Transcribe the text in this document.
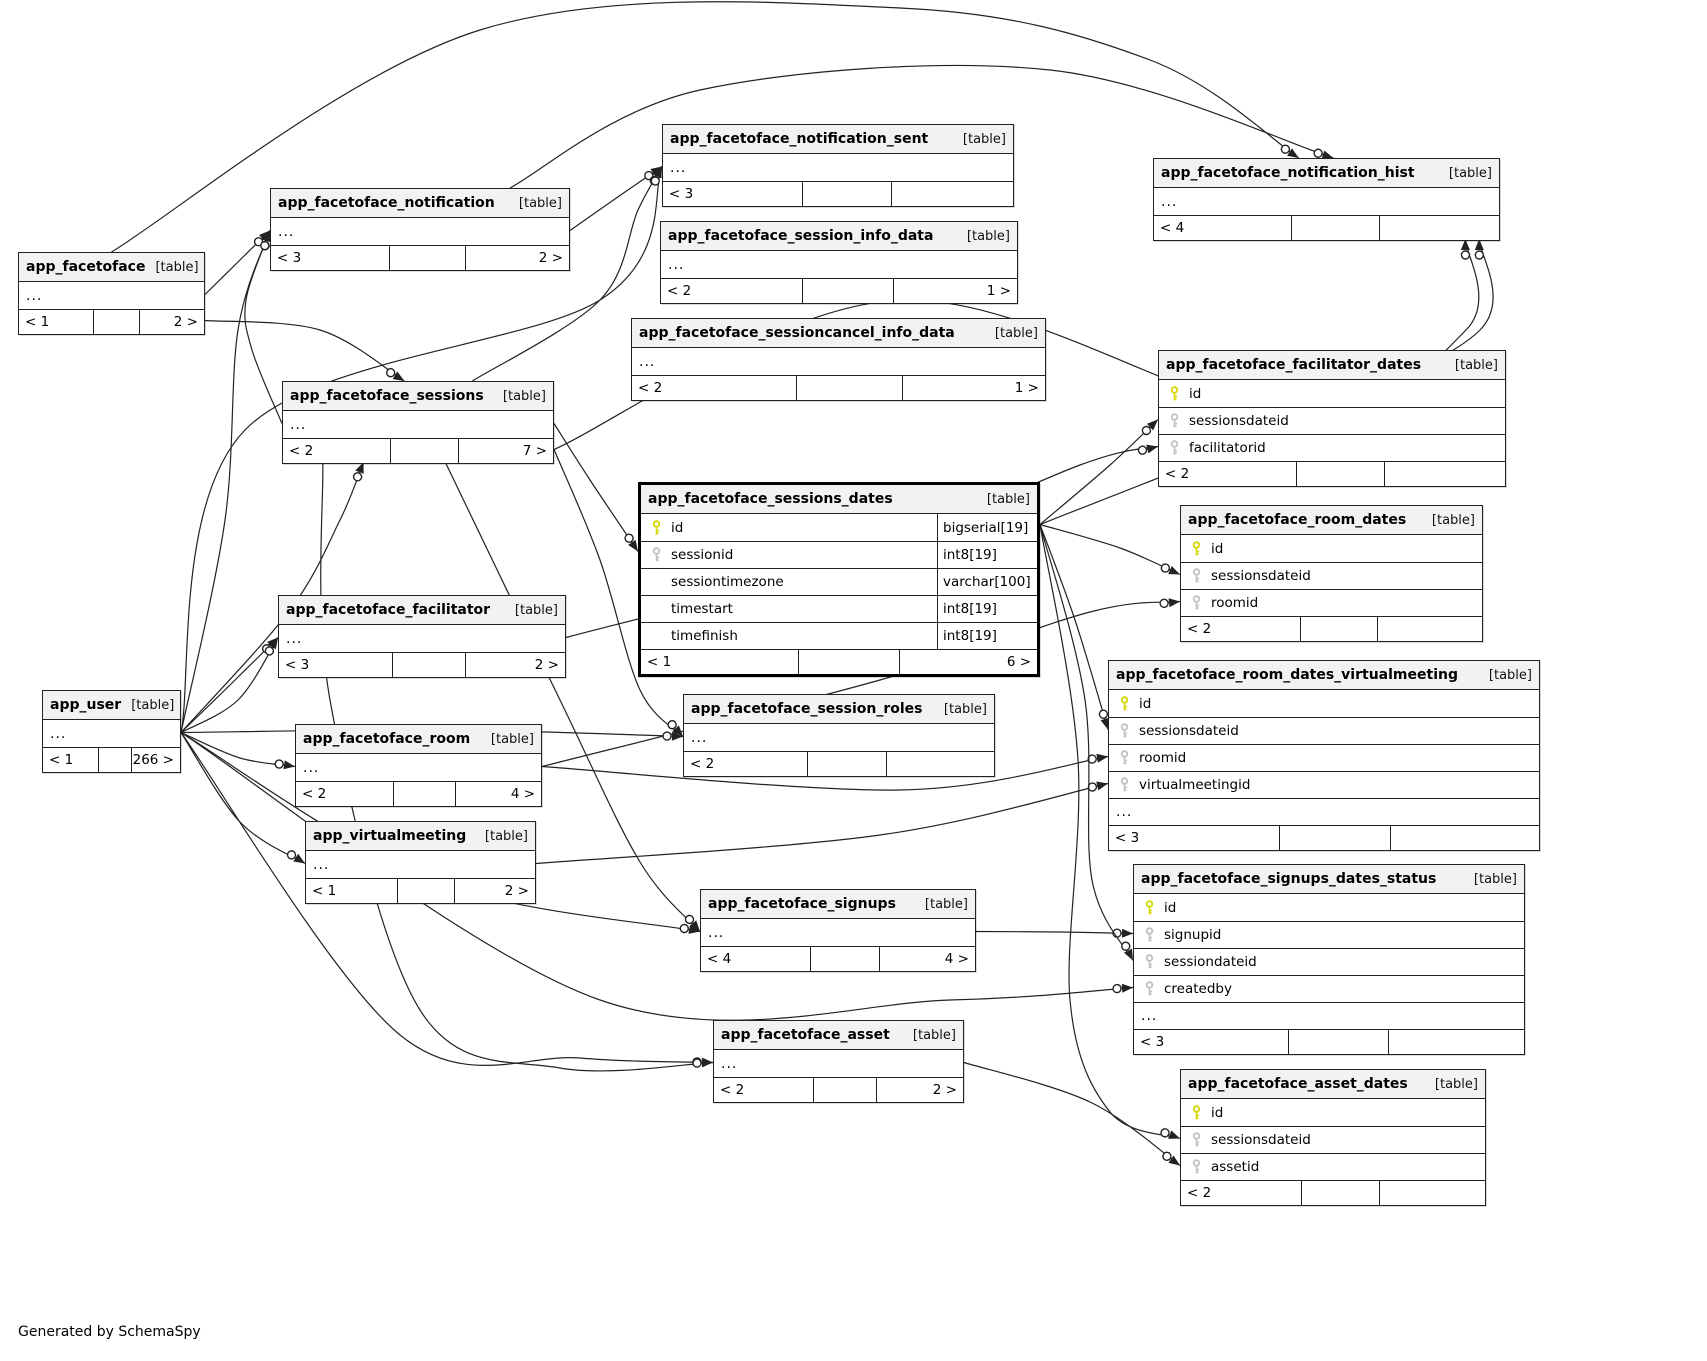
Generated by SchemaSpy
app_facetoface [table]
...
< 1	2 >
app_facetoface_notification [table]
...
< 3	2 >
app_facetoface_notification_sent	[table]
...
< 3
app_facetoface_session_info_data	[table]
...
< 2	1 >
app_facetoface_sessioncancel_info_data	[table]
...
< 2	1 >
app_facetoface_notification_hist	[table]
...
< 4
app_facetoface_sessions [table]
...
< 2	7 >
app_facetoface_facilitator_dates	[table]
id
sessionsdateid
facilitatorid
< 2
app_facetoface_sessions_dates	[table]
id	bigserial[19]
sessionid	int8[19]
sessiontimezone	varchar[100]
timestart	int8[19]
timefinish	int8[19]
< 1	6 >
app_facetoface_room_dates [table]
id
sessionsdateid
roomid
< 2
app_facetoface_facilitator [table]
...
< 3	2 >
app_facetoface_room_dates_virtualmeeting [table]
id
sessionsdateid
roomid
virtualmeetingid
...
< 3
app_user [table]
...
< 1	266 >
app_facetoface_session_roles [table]
...
< 2
app_facetoface_room [table]
...
< 2	4 >
app_virtualmeeting [table]
...
< 1	2 >
app_facetoface_signups [table]
...
< 4	4 >
app_facetoface_signups_dates_status	[table]
id
signupid
sessiondateid
createdby
...
< 3
app_facetoface_asset [table]
...
< 2	2 >	app_facetoface_asset_dates [table]
id
sessionsdateid
assetid
< 2
